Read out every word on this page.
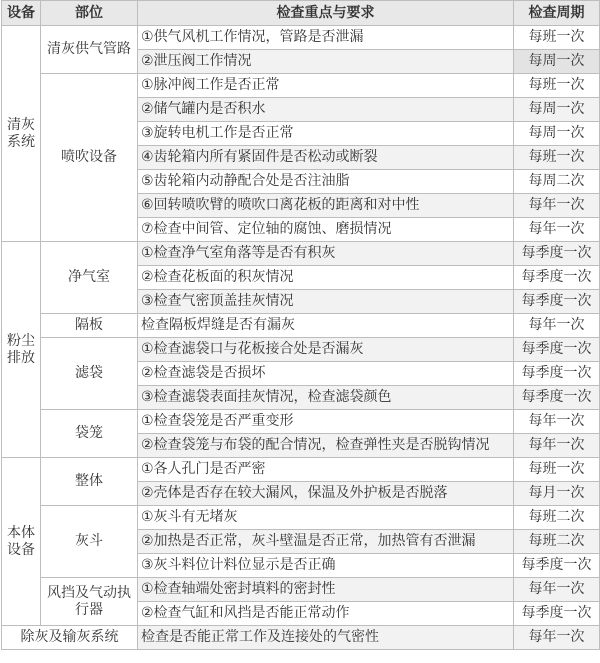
设备	部位	检查重点与要求	检查周期
清灰系统	清灰供气管路	①供气风机工作情况，管路是否泄漏	每班一次
		②泄压阀工作情况	每周一次
	喷吹设备	①脉冲阀工作是否正常	每班一次
		②储气罐内是否积水	每周一次
		③旋转电机工作是否正常	每周一次
		④齿轮箱内所有紧固件是否松动或断裂	每班一次
		⑤齿轮箱内动静配合处是否注油脂	每周二次
		⑥回转喷吹臂的喷吹口离花板的距离和对中性	每年一次
		⑦检查中间管、定位轴的腐蚀、磨损情况	每年一次
粉尘排放	净气室	①检查净气室角落等是否有积灰	每季度一次
		②检查花板面的积灰情况	每季度一次
		③检查气密顶盖挂灰情况	每季度一次
	隔板	检查隔板焊缝是否有漏灰	每年一次
	滤袋	①检查滤袋口与花板接合处是否漏灰	每季度一次
		②检查滤袋是否损坏	每季度一次
		③检查滤袋表面挂灰情况，检查滤袋颜色	每季度一次
	袋笼	①检查袋笼是否严重变形	每年一次
		②检查袋笼与布袋的配合情况，检查弹性夹是否脱钩情况	每年一次
本体设备	整体	①各人孔门是否严密	每班一次
		②壳体是否存在较大漏风，保温及外护板是否脱落	每月一次
	灰斗	①灰斗有无堵灰	每班二次
		②加热是否正常，灰斗壁温是否正常，加热管有否泄漏	每班二次
		③灰斗料位计料位显示是否正确	每季度一次
	风挡及气动执行器	①检查轴端处密封填料的密封性	每年一次
		②检查气缸和风挡是否能正常动作	每季度一次
除灰及输灰系统		检查是否能正常工作及连接处的气密性	每年一次
